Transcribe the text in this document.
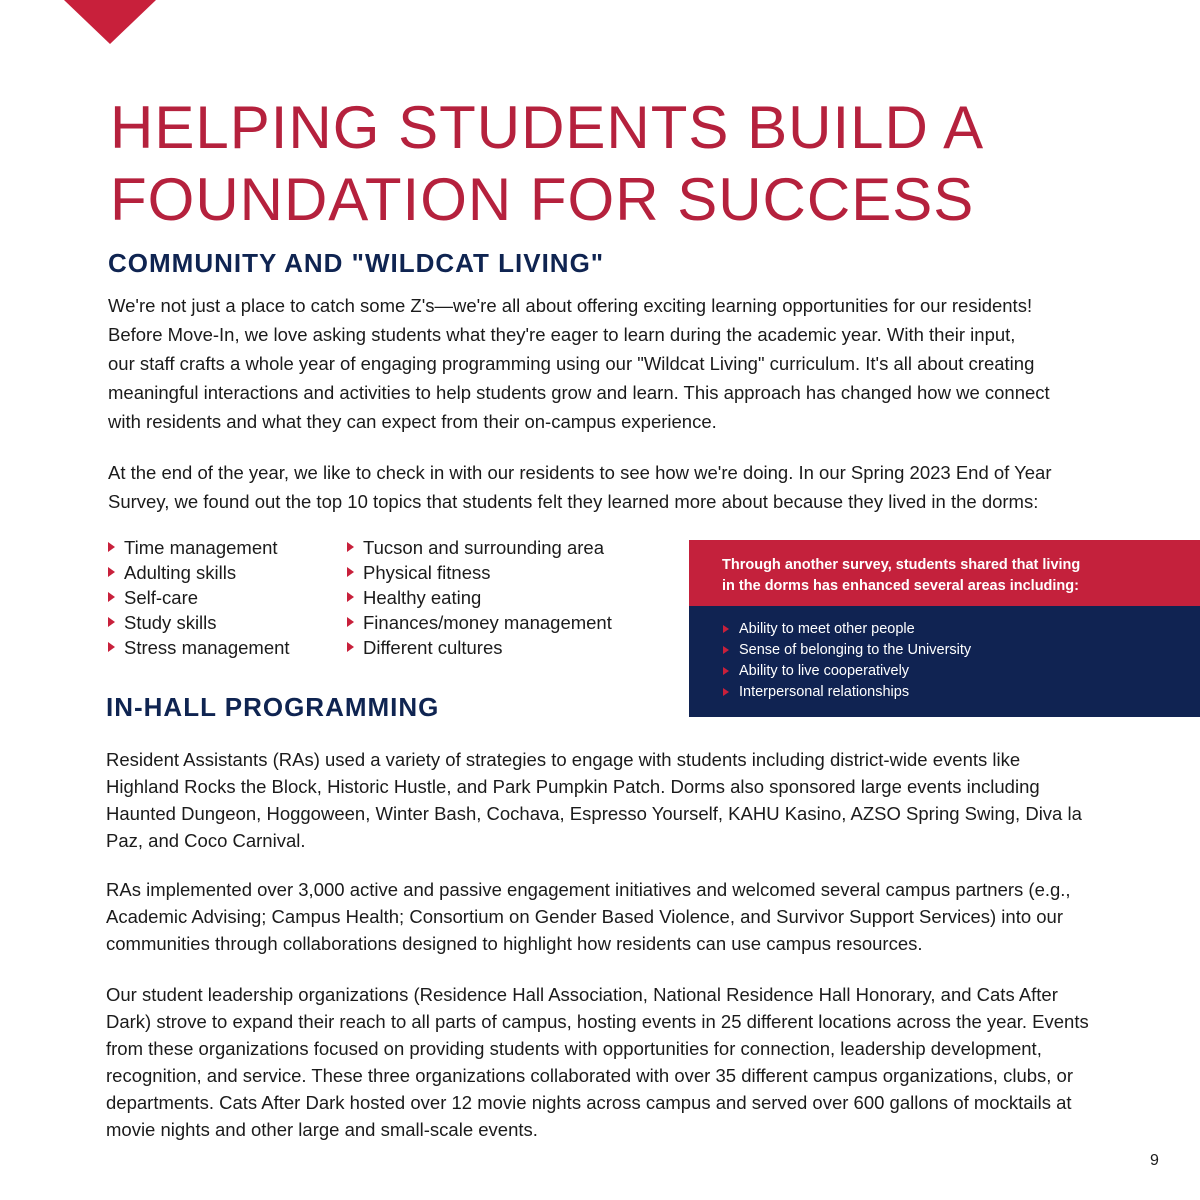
HELPING STUDENTS BUILD A
FOUNDATION FOR SUCCESS
COMMUNITY AND "WILDCAT LIVING"
We're not just a place to catch some Z's—we're all about offering exciting learning opportunities for our residents!
Before Move-In, we love asking students what they're eager to learn during the academic year. With their input,
our staff crafts a whole year of engaging programming using our "Wildcat Living" curriculum. It's all about creating
meaningful interactions and activities to help students grow and learn. This approach has changed how we connect
with residents and what they can expect from their on-campus experience.
At the end of the year, we like to check in with our residents to see how we're doing. In our Spring 2023 End of Year
Survey, we found out the top 10 topics that students felt they learned more about because they lived in the dorms:
Time management
Adulting skills
Self-care
Study skills
Stress management
Tucson and surrounding area
Physical fitness
Healthy eating
Finances/money management
Different cultures
Through another survey, students shared that living
in the dorms has enhanced several areas including:
Ability to meet other people
Sense of belonging to the University
Ability to live cooperatively
Interpersonal relationships
IN-HALL PROGRAMMING
Resident Assistants (RAs) used a variety of strategies to engage with students including district-wide events like
Highland Rocks the Block, Historic Hustle, and Park Pumpkin Patch. Dorms also sponsored large events including
Haunted Dungeon, Hoggoween, Winter Bash, Cochava, Espresso Yourself, KAHU Kasino, AZSO Spring Swing, Diva la
Paz, and Coco Carnival.
RAs implemented over 3,000 active and passive engagement initiatives and welcomed several campus partners (e.g.,
Academic Advising; Campus Health; Consortium on Gender Based Violence, and Survivor Support Services) into our
communities through collaborations designed to highlight how residents can use campus resources.
Our student leadership organizations (Residence Hall Association, National Residence Hall Honorary, and Cats After
Dark) strove to expand their reach to all parts of campus, hosting events in 25 different locations across the year. Events
from these organizations focused on providing students with opportunities for connection, leadership development,
recognition, and service. These three organizations collaborated with over 35 different campus organizations, clubs, or
departments. Cats After Dark hosted over 12 movie nights across campus and served over 600 gallons of mocktails at
movie nights and other large and small-scale events.
9
